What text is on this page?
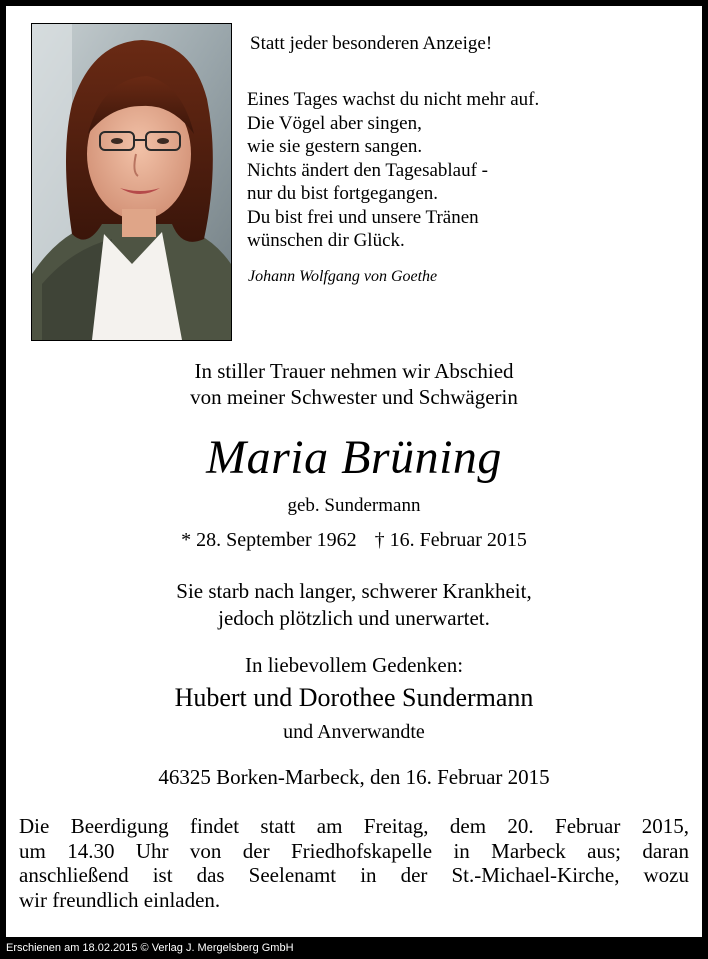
Statt jeder besonderen Anzeige!
Eines Tages wachst du nicht mehr auf.
Die Vögel aber singen,
wie sie gestern sangen.
Nichts ändert den Tagesablauf -
nur du bist fortgegangen.
Du bist frei und unsere Tränen
wünschen dir Glück.
Johann Wolfgang von Goethe
In stiller Trauer nehmen wir Abschied
von meiner Schwester und Schwägerin
Maria Brüning
geb. Sundermann
* 28. September 1962 † 16. Februar 2015
Sie starb nach langer, schwerer Krankheit,
jedoch plötzlich und unerwartet.
In liebevollem Gedenken:
Hubert und Dorothee Sundermann
und Anverwandte
46325 Borken-Marbeck, den 16. Februar 2015
Die Beerdigung findet statt am Freitag, dem 20. Februar 2015,
um 14.30 Uhr von der Friedhofskapelle in Marbeck aus; daran
anschließend ist das Seelenamt in der St.-Michael-Kirche, wozu
wir freundlich einladen.
Erschienen am 18.02.2015 © Verlag J. Mergelsberg GmbH
